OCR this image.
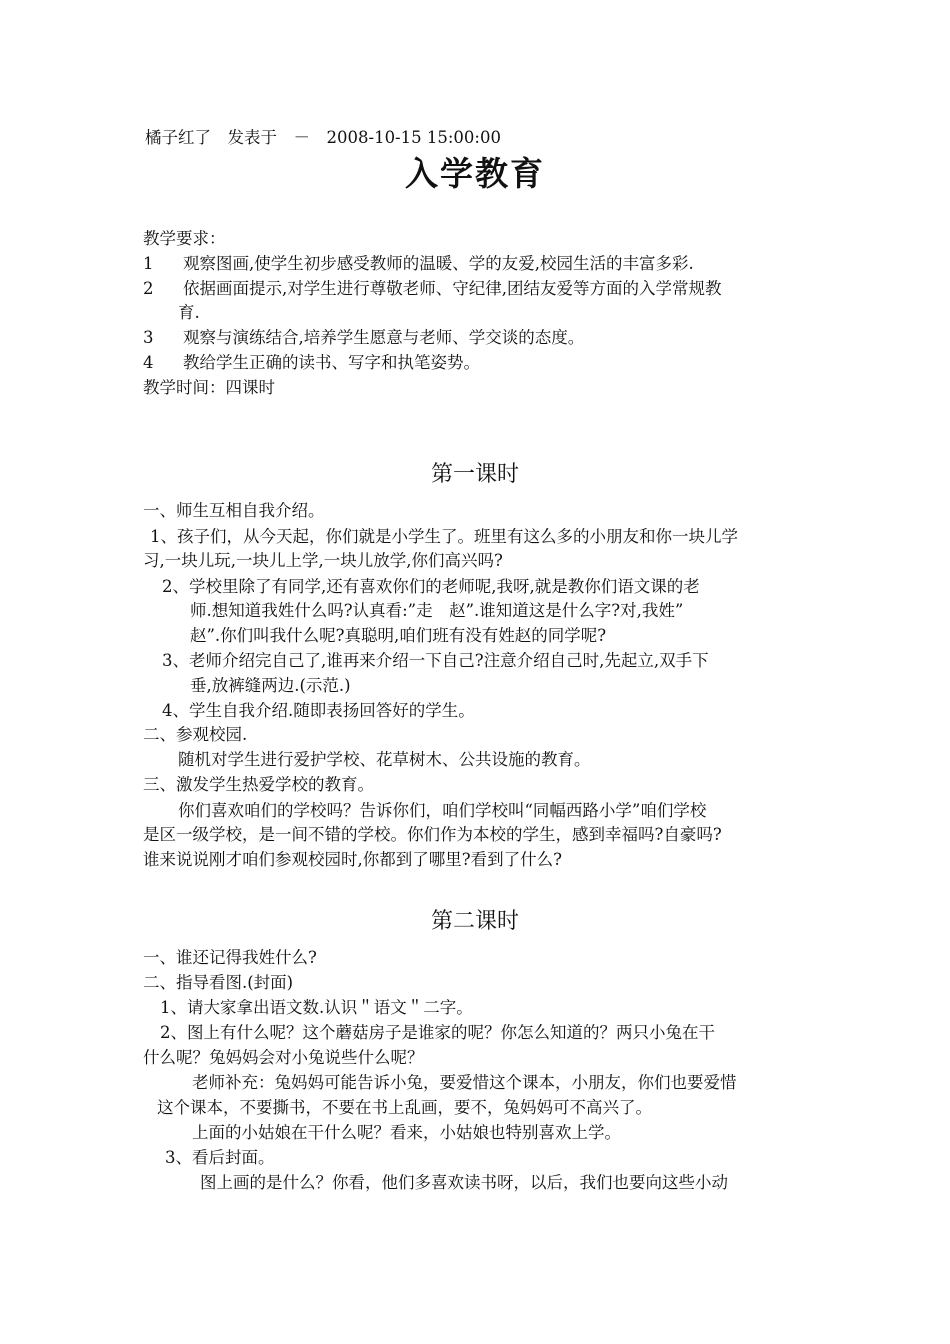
橘子红了　发表于　－　2008-10-15 15:00:00
入学教育
教学要求：
1 观察图画,使学生初步感受教师的温暖、学的友爱,校园生活的丰富多彩.
2 依据画面提示,对学生进行尊敬老师、守纪律,团结友爱等方面的入学常规教
育.
3 观察与演练结合,培养学生愿意与老师、学交谈的态度。
4 教给学生正确的读书、写字和执笔姿势。
教学时间：四课时
第一课时
一、师生互相自我介绍。
1、孩子们，从今天起，你们就是小学生了。班里有这么多的小朋友和你一块儿学
习,一块儿玩,一块儿上学,一块儿放学,你们高兴吗?
2、学校里除了有同学,还有喜欢你们的老师呢,我呀,就是教你们语文课的老
师.想知道我姓什么吗?认真看:”走　赵”.谁知道这是什么字?对,我姓”
赵”.你们叫我什么呢?真聪明,咱们班有没有姓赵的同学呢?
3、老师介绍完自己了,谁再来介绍一下自己?注意介绍自己时,先起立,双手下
垂,放裤缝两边.(示范.)
4、学生自我介绍.随即表扬回答好的学生。
二、参观校园.
随机对学生进行爱护学校、花草树木、公共设施的教育。
三、激发学生热爱学校的教育。
你们喜欢咱们的学校吗？告诉你们，咱们学校叫“同幅西路小学”咱们学校
是区一级学校，是一间不错的学校。你们作为本校的学生，感到幸福吗?自豪吗?
谁来说说刚才咱们参观校园时,你都到了哪里?看到了什么?
第二课时
一、谁还记得我姓什么?
二、指导看图.(封面)
1、请大家拿出语文数.认识＂语文＂二字。
2、图上有什么呢？这个蘑菇房子是谁家的呢？你怎么知道的？两只小兔在干
什么呢？兔妈妈会对小兔说些什么呢？
老师补充：兔妈妈可能告诉小兔，要爱惜这个课本，小朋友，你们也要爱惜
这个课本，不要撕书，不要在书上乱画，要不，兔妈妈可不高兴了。
上面的小姑娘在干什么呢？看来，小姑娘也特别喜欢上学。
3、看后封面。
图上画的是什么？你看，他们多喜欢读书呀，以后，我们也要向这些小动
